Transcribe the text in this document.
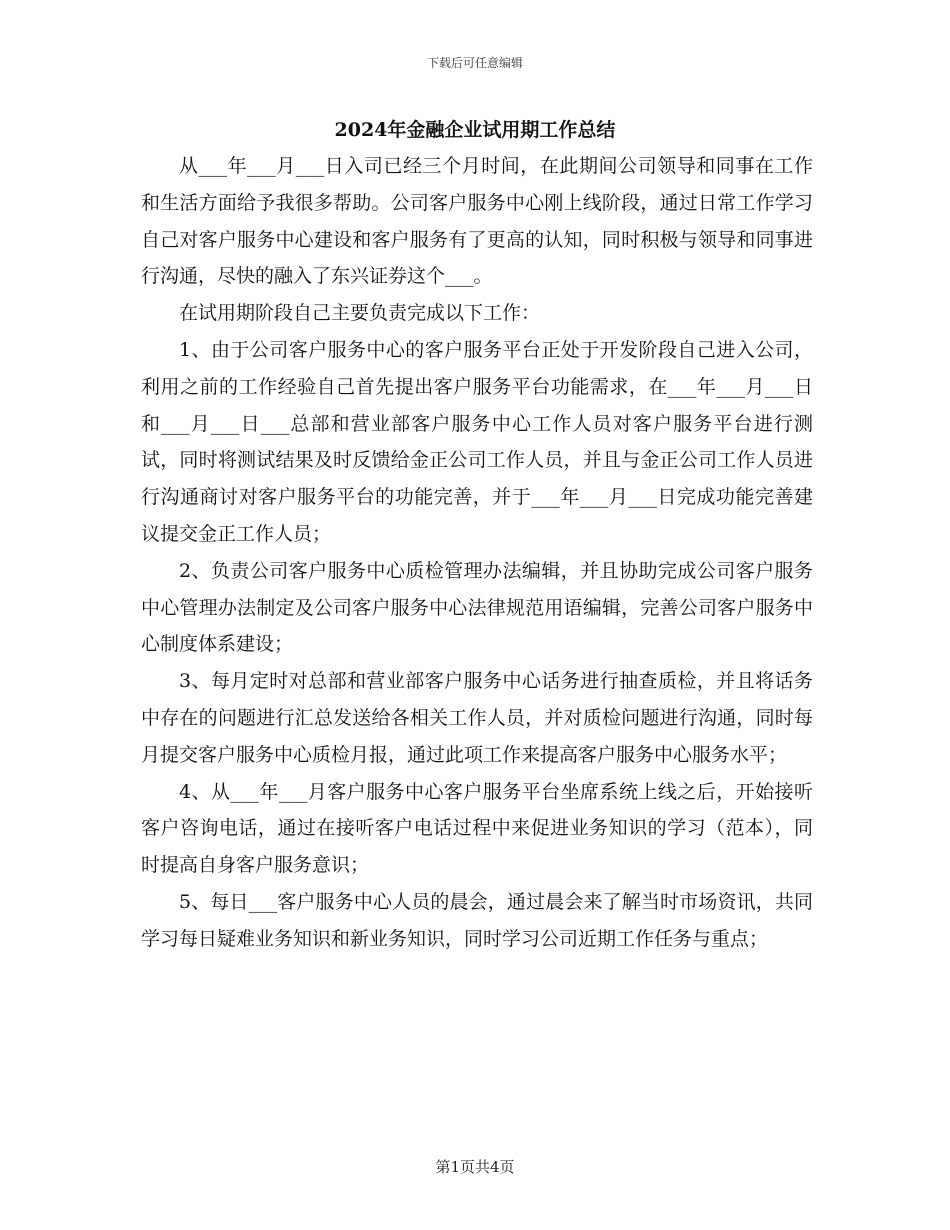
下载后可任意编辑
2024年金融企业试用期工作总结

从___年___月___日入司已经三个月时间，在此期间公司领导和同事在工作和生活方面给予我很多帮助。公司客户服务中心刚上线阶段，通过日常工作学习自己对客户服务中心建设和客户服务有了更高的认知，同时积极与领导和同事进行沟通，尽快的融入了东兴证券这个___。

在试用期阶段自己主要负责完成以下工作：

1、由于公司客户服务中心的客户服务平台正处于开发阶段自己进入公司，利用之前的工作经验自己首先提出客户服务平台功能需求，在___年___月___日和___月___日___总部和营业部客户服务中心工作人员对客户服务平台进行测试，同时将测试结果及时反馈给金正公司工作人员，并且与金正公司工作人员进行沟通商讨对客户服务平台的功能完善，并于___年___月___日完成功能完善建议提交金正工作人员；

2、负责公司客户服务中心质检管理办法编辑，并且协助完成公司客户服务中心管理办法制定及公司客户服务中心法律规范用语编辑，完善公司客户服务中心制度体系建设；

3、每月定时对总部和营业部客户服务中心话务进行抽查质检，并且将话务中存在的问题进行汇总发送给各相关工作人员，并对质检问题进行沟通，同时每月提交客户服务中心质检月报，通过此项工作来提高客户服务中心服务水平；

4、从___年___月客户服务中心客户服务平台坐席系统上线之后，开始接听客户咨询电话，通过在接听客户电话过程中来促进业务知识的学习（范本），同时提高自身客户服务意识；

5、每日___客户服务中心人员的晨会，通过晨会来了解当时市场资讯，共同学习每日疑难业务知识和新业务知识，同时学习公司近期工作任务与重点；

第1页共4页
